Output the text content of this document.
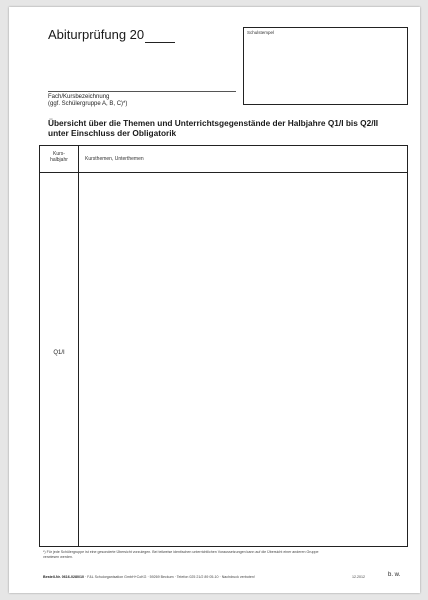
Abiturprüfung 20	Schulstempel
Fach/Kursbezeichnung
(ggf. Schülergruppe A, B, C)*)
Übersicht über die Themen und Unterrichtsgegenstände der Halbjahre Q1/I bis Q2/II
unter Einschluss der Obligatorik
Kurs-
halbjahr	Kursthemen, Unterthemen
Q1/I
*) Für jede Schülergruppe ist eine gesonderte Übersicht vorzulegen. Bei teilweise identischen unterrichtlichen Voraussetzungen kann auf die Übersicht einer anderen Gruppe
verwiesen werden.
Bestell-Nr. 0616-0280/10 · F&L Schulorganisation GmbH+CoKG · 59269 Beckum · Telefon 025 21/2 89 05-10 · Nachdruck verboten!	12.2012	b. w.
